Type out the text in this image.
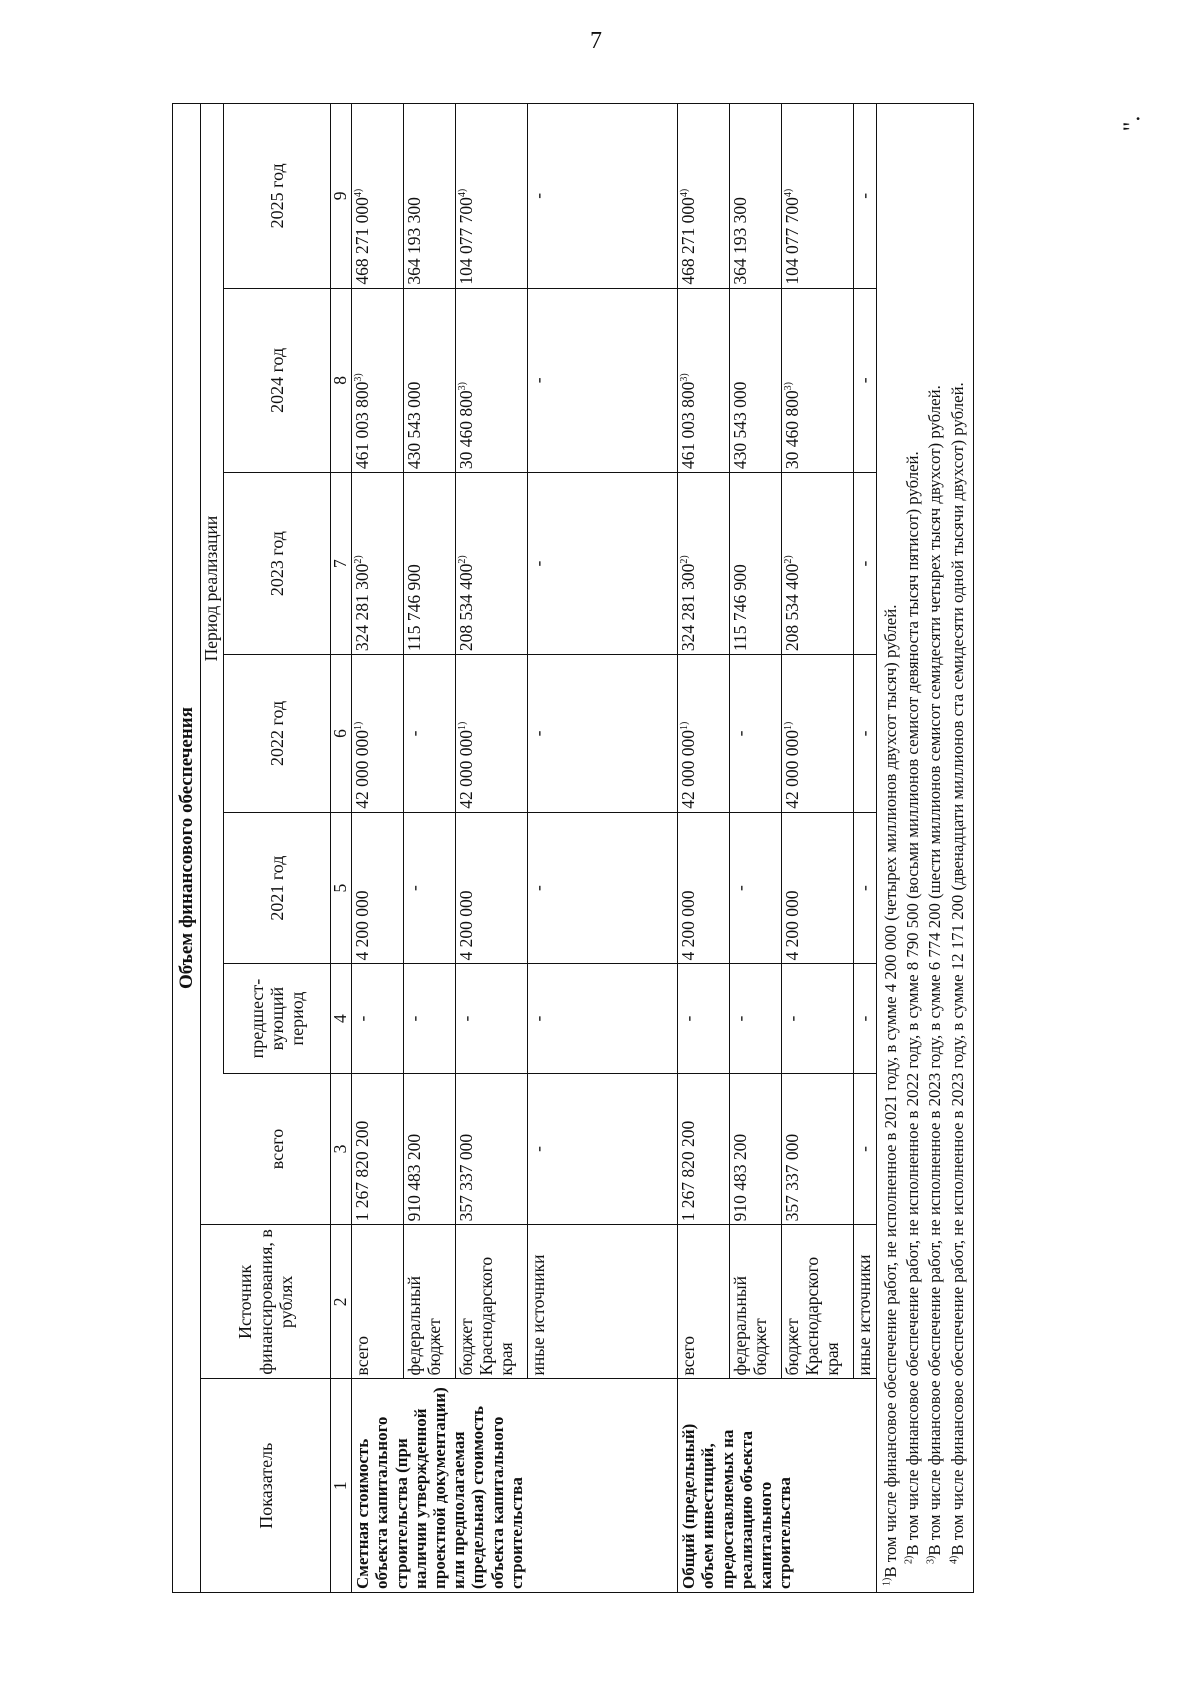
7
".
Объем финансового обеспечения								
Показатель	Источник финансирования, в рублях		Период реализации					
		всего	предшест-вующий период	2021 год	2022 год	2023 год	2024 год	2025 год
1	2	3	4	5	6	7	8	9
Сметная стоимость объекта капитального строительства (при наличии утвержденной проектной документации) или предполагаемая (предельная) стоимость объекта капитального строительства	всего	1 267 820 200	-	4 200 000	42 000 000$^{1)}$	324 281 300$^{2)}$	461 003 800$^{3)}$	468 271 000$^{4)}$
	федеральный бюджет	910 483 200	-	-	-	115 746 900	430 543 000	364 193 300
	бюджет Краснодарского края	357 337 000	-	4 200 000	42 000 000$^{1)}$	208 534 400$^{2)}$	30 460 800$^{3)}$	104 077 700$^{4)}$
	иные источники	-	-	-	-	-	-	-
Общий (предельный) объем инвестиций, предоставляемых на реализацию объекта капитального строительства	всего	1 267 820 200	-	4 200 000	42 000 000$^{1)}$	324 281 300$^{2)}$	461 003 800$^{3)}$	468 271 000$^{4)}$
	федеральный бюджет	910 483 200	-	-	-	115 746 900	430 543 000	364 193 300
	бюджет Краснодарского края	357 337 000	-	4 200 000	42 000 000$^{1)}$	208 534 400$^{2)}$	30 460 800$^{3)}$	104 077 700$^{4)}$
	иные источники	-	-	-	-	-	-	-

$^{1)}$В том числе финансовое обеспечение работ, не исполненное в 2021 году, в сумме 4 200 000 (четырех миллионов двухсот тысяч) рублей. $^{2)}$В том числе финансовое обеспечение работ, не исполненное в 2022 году, в сумме 8 790 500 (восьми миллионов семисот девяноста тысяч пятисот) рублей.

$^{3)}$В том числе финансовое обеспечение работ, не исполненное в 2023 году, в сумме 6 774 200 (шести миллионов семисот семидесяти четырех тысяч двухсот) рублей.

$^{4)}$В том числе финансовое обеспечение работ, не исполненное в 2023 году, в сумме 12 171 200 (двенадцати миллионов ста семидесяти одной тысячи двухсот) рублей.								
